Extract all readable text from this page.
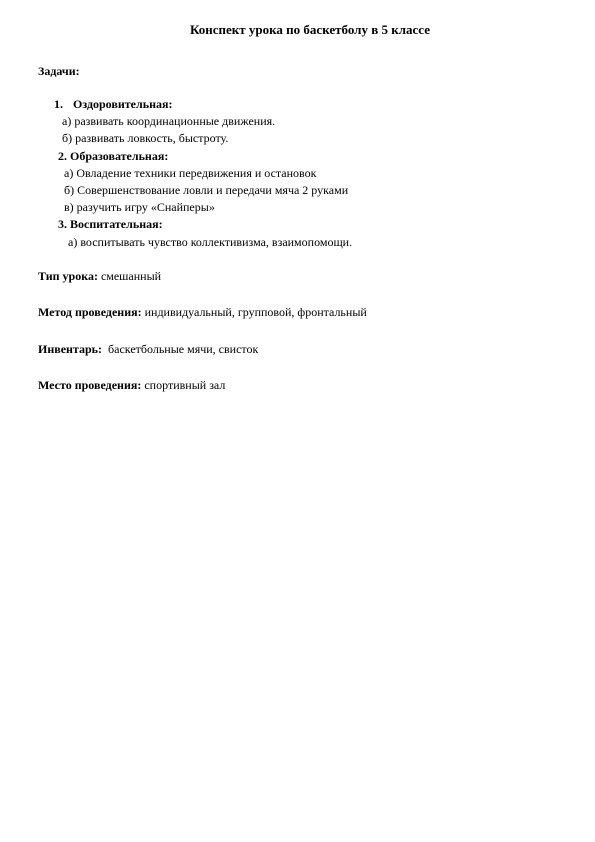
Конспект урока по баскетболу в 5 классе
Задачи:
1. Оздоровительная:
а) развивать координационные движения.
б) развивать ловкость, быстроту.
2. Образовательная:
а) Овладение техники передвижения и остановок
б) Совершенствование ловли и передачи мяча 2 руками
в) разучить игру «Снайперы»
3. Воспитательная:
а) воспитывать чувство коллективизма, взаимопомощи.
Тип урока: смешанный
Метод проведения: индивидуальный, групповой, фронтальный
Инвентарь:  баскетбольные мячи, свисток
Место проведения: спортивный зал
